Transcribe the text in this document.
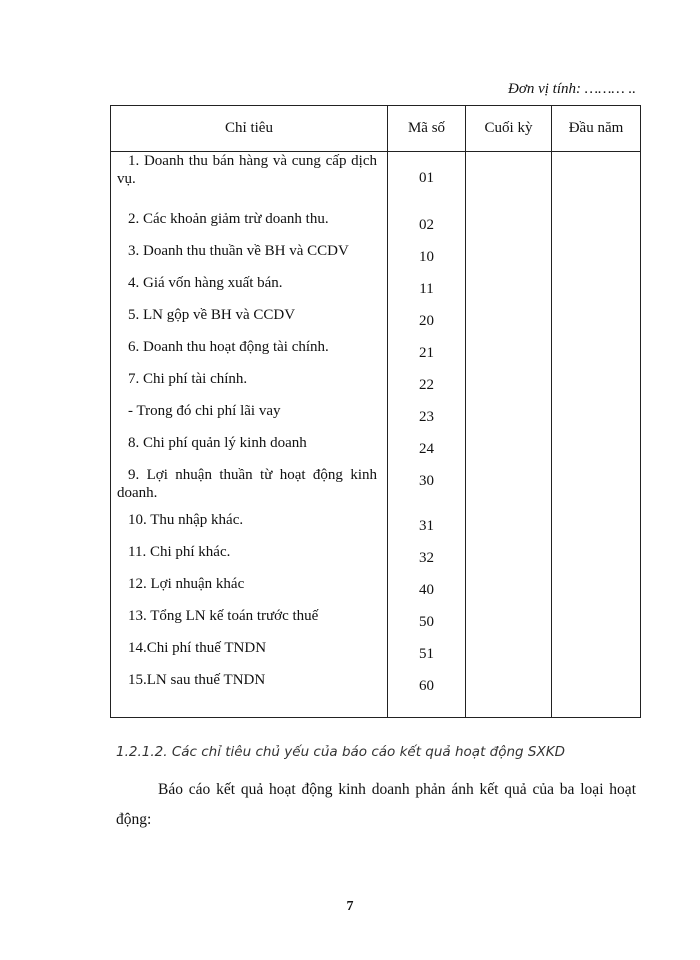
Đơn vị tính: ……… ..
Chỉ tiêu	Mã số	Cuối kỳ	Đầu năm

1. Doanh thu bán hàng và cung cấp dịch vụ.	01		

2. Các khoản giảm trừ doanh thu.	02		

3. Doanh thu thuần về BH và CCDV	10		

4. Giá vốn hàng xuất bán.	11		

5. LN gộp về BH và CCDV	20		

6. Doanh thu hoạt động tài chính.	21		

7. Chi phí tài chính.	22		

- Trong đó chi phí lãi vay	23		

8. Chi phí quản lý kinh doanh	24		

9. Lợi nhuận thuần từ hoạt động kinh doanh.	30		

10. Thu nhập khác.	31		

11. Chi phí khác.	32		

12. Lợi nhuận khác	40		

13. Tổng LN kế toán trước thuế	50		

14.Chi phí thuế TNDN	51		

15.LN sau thuế TNDN	60		
1.2.1.2. Các chỉ tiêu chủ yếu của báo cáo kết quả hoạt động SXKD
Báo cáo kết quả hoạt động kinh doanh phản ánh kết quả của ba loại hoạt động:
7
